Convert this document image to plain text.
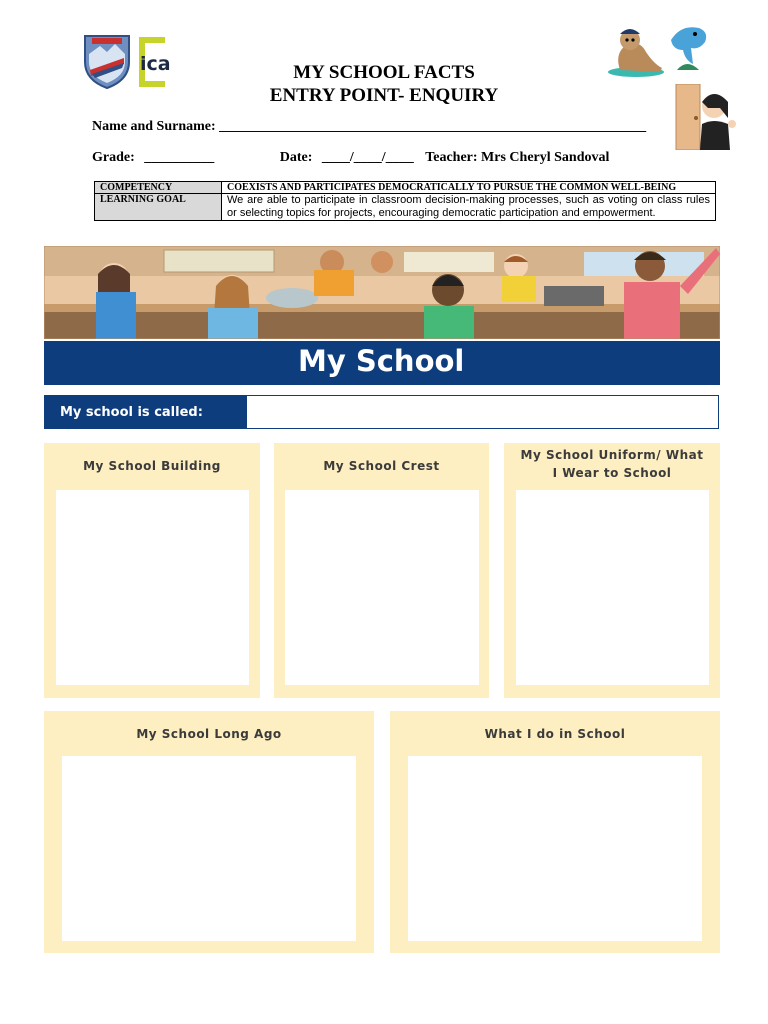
ica	MY SCHOOL FACTS
ENTRY POINT- ENQUIRY
Name and Surname: _____________________________________________________________
Grade: __________	Date: ____/____/____ Teacher: Mrs Cheryl Sandoval
COMPETENCY	COEXISTS AND PARTICIPATES DEMOCRATICALLY TO PURSUE THE COMMON WELL-BEING
LEARNING GOAL	We are able to participate in classroom decision-making processes, such as voting on class rules or selecting topics for projects, encouraging democratic participation and empowerment.
My School
My school is called:
My School Building	My School Crest
My School Uniform/ What I Wear to School
My School Long Ago	What I do in School
